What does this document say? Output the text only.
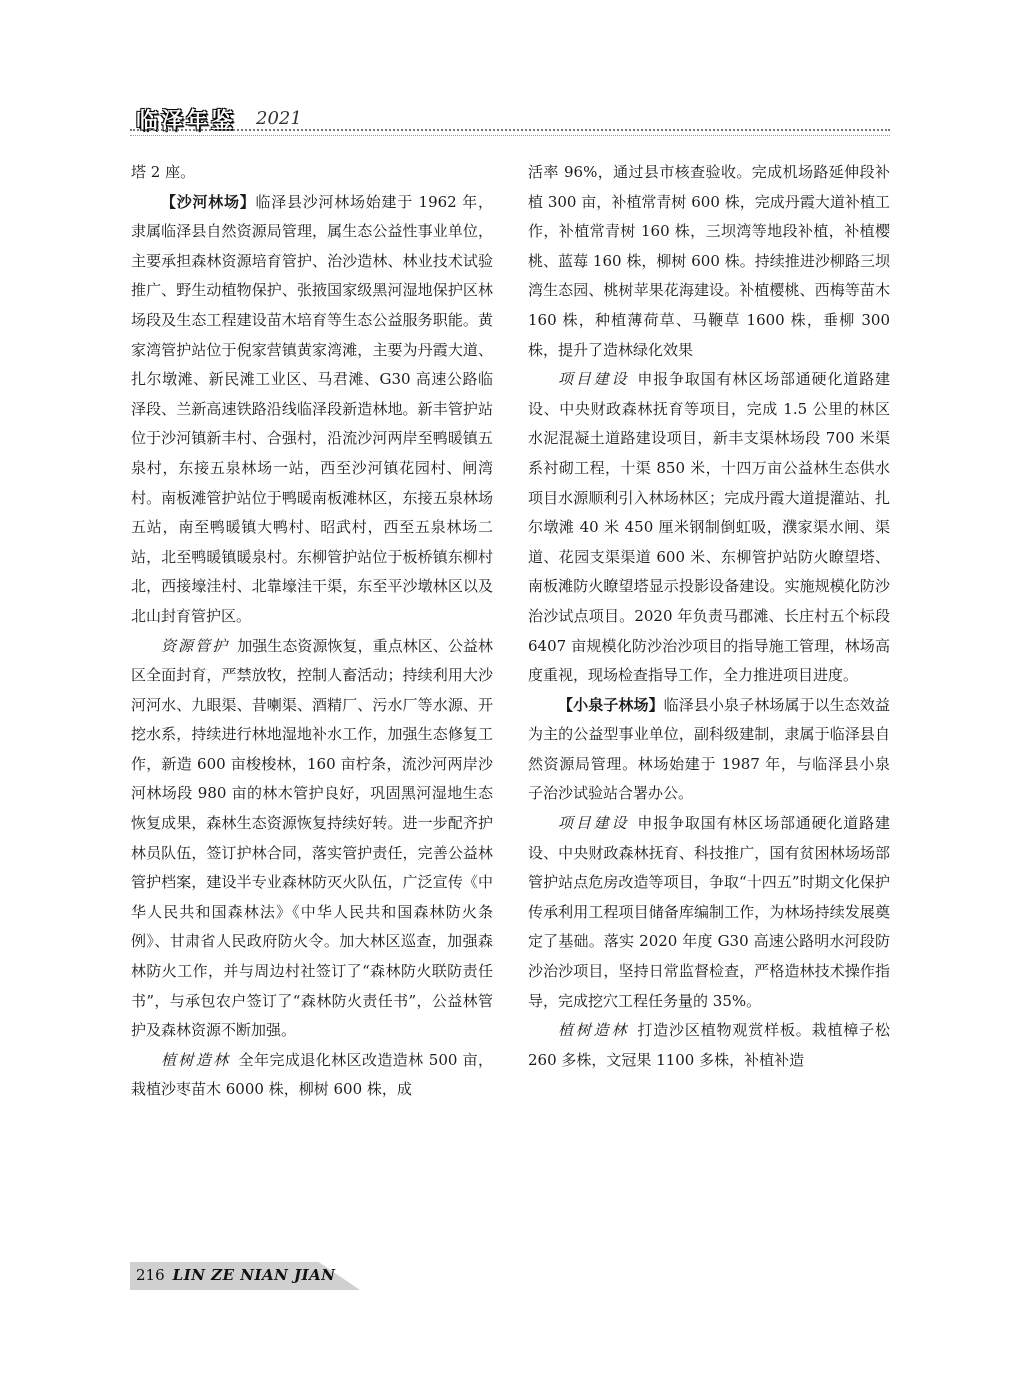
临泽年鉴 2021

塔 2 座。

【沙河林场】临泽县沙河林场始建于 1962 年，隶属临泽县自然资源局管理，属生态公益性事业单位，主要承担森林资源培育管护、治沙造林、林业技术试验推广、野生动植物保护、张掖国家级黑河湿地保护区林场段及生态工程建设苗木培育等生态公益服务职能。黄家湾管护站位于倪家营镇黄家湾滩，主要为丹霞大道、扎尔墩滩、新民滩工业区、马君滩、G30 高速公路临泽段、兰新高速铁路沿线临泽段新造林地。新丰管护站位于沙河镇新丰村、合强村，沿流沙河两岸至鸭暖镇五泉村，东接五泉林场一站，西至沙河镇花园村、闸湾村。南板滩管护站位于鸭暖南板滩林区，东接五泉林场五站，南至鸭暖镇大鸭村、昭武村，西至五泉林场二站，北至鸭暖镇暖泉村。东柳管护站位于板桥镇东柳村北，西接壕洼村、北靠壕洼干渠，东至平沙墩林区以及北山封育管护区。

资源管护 加强生态资源恢复，重点林区、公益林区全面封育，严禁放牧，控制人畜活动；持续利用大沙河河水、九眼渠、昔喇渠、酒精厂、污水厂等水源、开挖水系，持续进行林地湿地补水工作，加强生态修复工作，新造 600 亩梭梭林，160 亩柠条，流沙河两岸沙河林场段 980 亩的林木管护良好，巩固黑河湿地生态恢复成果，森林生态资源恢复持续好转。进一步配齐护林员队伍，签订护林合同，落实管护责任，完善公益林管护档案，建设半专业森林防灭火队伍，广泛宣传《中华人民共和国森林法》《中华人民共和国森林防火条例》、甘肃省人民政府防火令。加大林区巡查，加强森林防火工作，并与周边村社签订了“森林防火联防责任书”，与承包农户签订了“森林防火责任书”，公益林管护及森林资源不断加强。

植树造林 全年完成退化林区改造造林 500 亩，栽植沙枣苗木 6000 株，柳树 600 株，成

活率 96%，通过县市核查验收。完成机场路延伸段补植 300 亩，补植常青树 600 株，完成丹霞大道补植工作，补植常青树 160 株，三坝湾等地段补植，补植樱桃、蓝莓 160 株，柳树 600 株。持续推进沙柳路三坝湾生态园、桃树苹果花海建设。补植樱桃、西梅等苗木 160 株，种植薄荷草、马鞭草 1600 株，垂柳 300 株，提升了造林绿化效果

项目建设 申报争取国有林区场部通硬化道路建设、中央财政森林抚育等项目，完成 1.5 公里的林区水泥混凝土道路建设项目，新丰支渠林场段 700 米渠系衬砌工程，十渠 850 米，十四万亩公益林生态供水项目水源顺利引入林场林区；完成丹霞大道提灌站、扎尔墩滩 40 米 450 厘米钢制倒虹吸，濮家渠水闸、渠道、花园支渠渠道 600 米、东柳管护站防火瞭望塔、南板滩防火瞭望塔显示投影设备建设。实施规模化防沙治沙试点项目。2020 年负责马郡滩、长庄村五个标段 6407 亩规模化防沙治沙项目的指导施工管理，林场高度重视，现场检查指导工作，全力推进项目进度。

【小泉子林场】临泽县小泉子林场属于以生态效益为主的公益型事业单位，副科级建制，隶属于临泽县自然资源局管理。林场始建于 1987 年，与临泽县小泉子治沙试验站合署办公。

项目建设 申报争取国有林区场部通硬化道路建设、中央财政森林抚育、科技推广，国有贫困林场场部管护站点危房改造等项目，争取“十四五”时期文化保护传承利用工程项目储备库编制工作，为林场持续发展奠定了基础。落实 2020 年度 G30 高速公路明水河段防沙治沙项目，坚持日常监督检查，严格造林技术操作指导，完成挖穴工程任务量的 35%。

植树造林 打造沙区植物观赏样板。栽植樟子松 260 多株，文冠果 1100 多株，补植补造

216 LIN ZE NIAN JIAN
